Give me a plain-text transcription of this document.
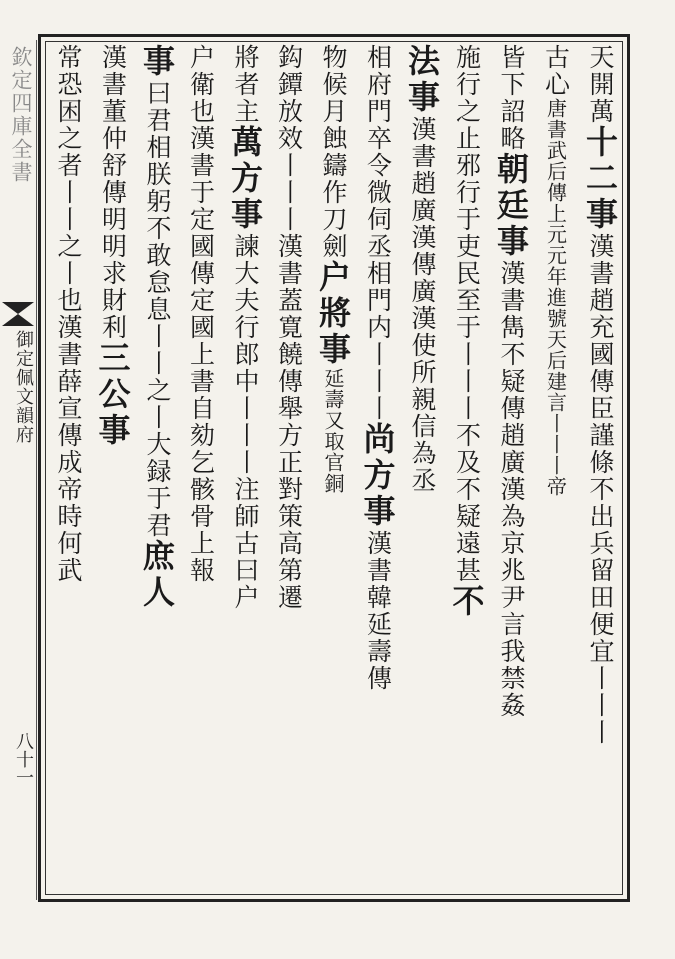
欽定四庫全書
御定佩文韻府
八十一
天開萬十二事漢書趙充國傳臣謹條不出兵留田便宜丨丨丨
古心唐書武后傳上元元年進號天后建言丨丨丨帝
皆下詔略朝廷事漢書雋不疑傳趙廣漢為京兆尹言我禁姦
施行之止邪行于吏民至于丨丨丨不及不疑遠甚不
法事漢書趙廣漢傳廣漢使所親信為丞
相府門卒令微伺丞相門内丨丨丨尚方事漢書韓延壽傳
物候月蝕鑄作刀劍户將事延壽又取官銅
鈎鐔放效丨丨丨漢書蓋寛饒傳舉方正對策高第遷
將者主萬方事諫大夫行郎中丨丨丨注師古曰户
户衛也漢書于定國傳定國上書自劾乞骸骨上報
事曰君相朕躬不敢怠息丨丨之丨大録于君庶人
漢書董仲舒傳明明求財利三公事
常恐困之者丨丨之丨也漢書薛宣傳成帝時何武
